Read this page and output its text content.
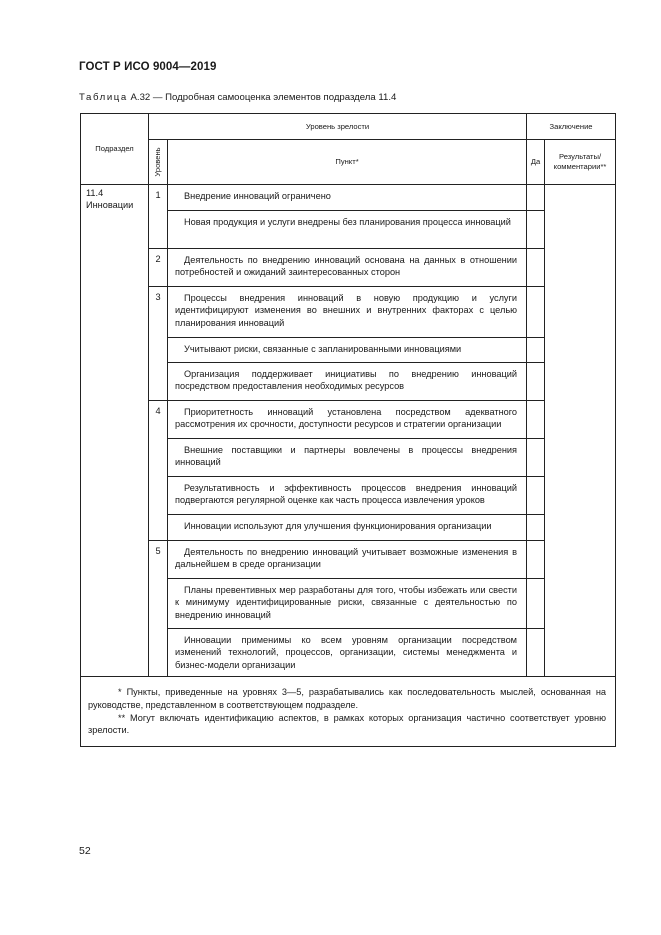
ГОСТ Р ИСО 9004—2019
Таблица А.32 — Подробная самооценка элементов подраздела 11.4
Подраздел	Уровень зрелости		Заключение	

	Уровень	Пункт*	Да	Результаты/ комментарии**

11.4
Инновации	1	Внедрение инноваций ограничено		
		Новая продукция и услуги внедрены без планирования процесса инноваций		
	2	Деятельность по внедрению инноваций основана на данных в отношении потребностей и ожиданий заинтересованных сторон		
	3	Процессы внедрения инноваций в новую продукцию и услуги идентифицируют изменения во внешних и внутренних факторах с целью планирования инноваций		
		Учитывают риски, связанные с запланированными инновациями		
		Организация поддерживает инициативы по внедрению инноваций посредством предоставления необходимых ресурсов		
	4	Приоритетность инноваций установлена посредством адекватного рассмотрения их срочности, доступности ресурсов и стратегии организации		
		Внешние поставщики и партнеры вовлечены в процессы внедрения инноваций		
		Результативность и эффективность процессов внедрения инноваций подвергаются регулярной оценке как часть процесса извлечения уроков		
		Инновации используют для улучшения функционирования организации		
	5	Деятельность по внедрению инноваций учитывает возможные изменения в дальнейшем в среде организации		
		Планы превентивных мер разработаны для того, чтобы избежать или свести к минимуму идентифицированные риски, связанные с деятельностью по внедрению инноваций		
		Инновации применимы ко всем уровням организации посредством изменений технологий, процессов, организации, системы менеджмента и бизнес-модели организации		

* Пункты, приведенные на уровнях 3—5, разрабатывались как последовательность мыслей, основанная на руководстве, представленном в соответствующем подразделе.

** Могут включать идентификацию аспектов, в рамках которых организация частично соответствует уровню зрелости.				

52
